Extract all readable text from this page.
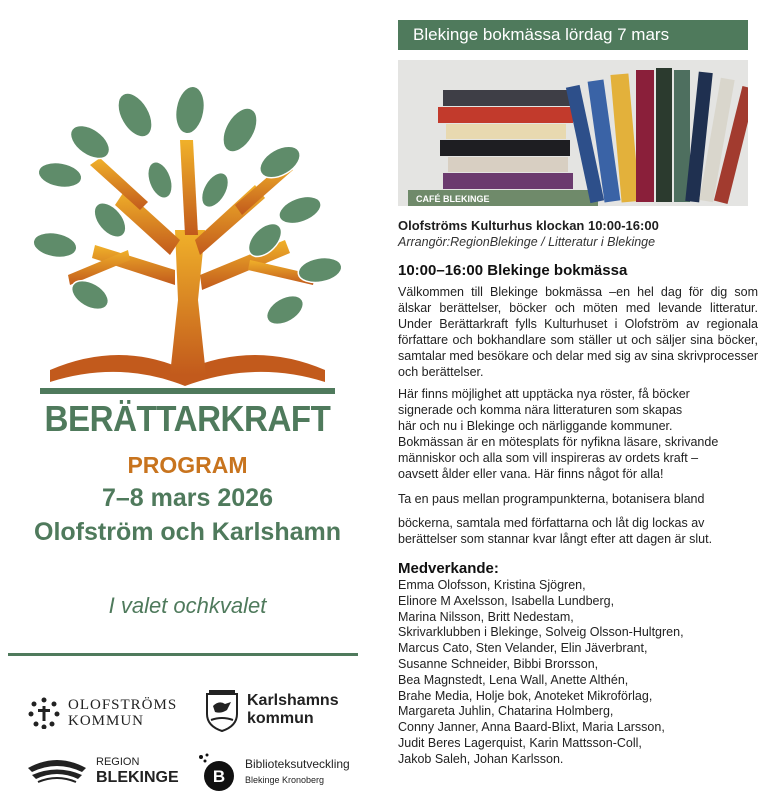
BERÄTTARKRAFT
PROGRAM
7–8 mars 2026
Olofström och Karlshamn
I valet ochkvalet
OLOFSTRÖMS
KOMMUN
Karlshamns
kommun
REGION
BLEKINGE B
Biblioteksutveckling
Blekinge Kronoberg
Blekinge bokmässa lördag 7 mars
CAFÉ BLEKINGE
Olofströms Kulturhus klockan 10:00-16:00
Arrangör:RegionBlekinge / Litteratur i Blekinge
10:00–16:00 Blekinge bokmässa
Välkommen till Blekinge bokmässa –en hel dag för dig som älskar berättelser, böcker och möten med levande litteratur. Under Berättarkraft fylls Kulturhuset i Olofström av regionala författare och bokhandlare som ställer ut och säljer sina böcker, samtalar med besökare och delar med sig av sina skrivprocesser och berättelser.
Här finns möjlighet att upptäcka nya röster, få böcker
signerade och komma nära litteraturen som skapas
här och nu i Blekinge och närliggande kommuner.
Bokmässan är en mötesplats för nyfikna läsare, skrivande
människor och alla som vill inspireras av ordets kraft –
oavsett ålder eller vana. Här finns något för alla!
Ta en paus mellan programpunkterna, botanisera bland
böckerna, samtala med författarna och låt dig lockas av
berättelser som stannar kvar långt efter att dagen är slut.
Medverkande:
Emma Olofsson, Kristina Sjögren,
Elinore M Axelsson, Isabella Lundberg,
Marina Nilsson, Britt Nedestam,
Skrivarklubben i Blekinge, Solveig Olsson-Hultgren,
Marcus Cato, Sten Velander, Elin Jäverbrant,
Susanne Schneider, Bibbi Brorsson,
Bea Magnstedt, Lena Wall, Anette Althén,
Brahe Media, Holje bok, Anoteket Mikroförlag,
Margareta Juhlin, Chatarina Holmberg,
Conny Janner, Anna Baard-Blixt, Maria Larsson,
Judit Beres Lagerquist, Karin Mattsson-Coll,
Jakob Saleh, Johan Karlsson.
